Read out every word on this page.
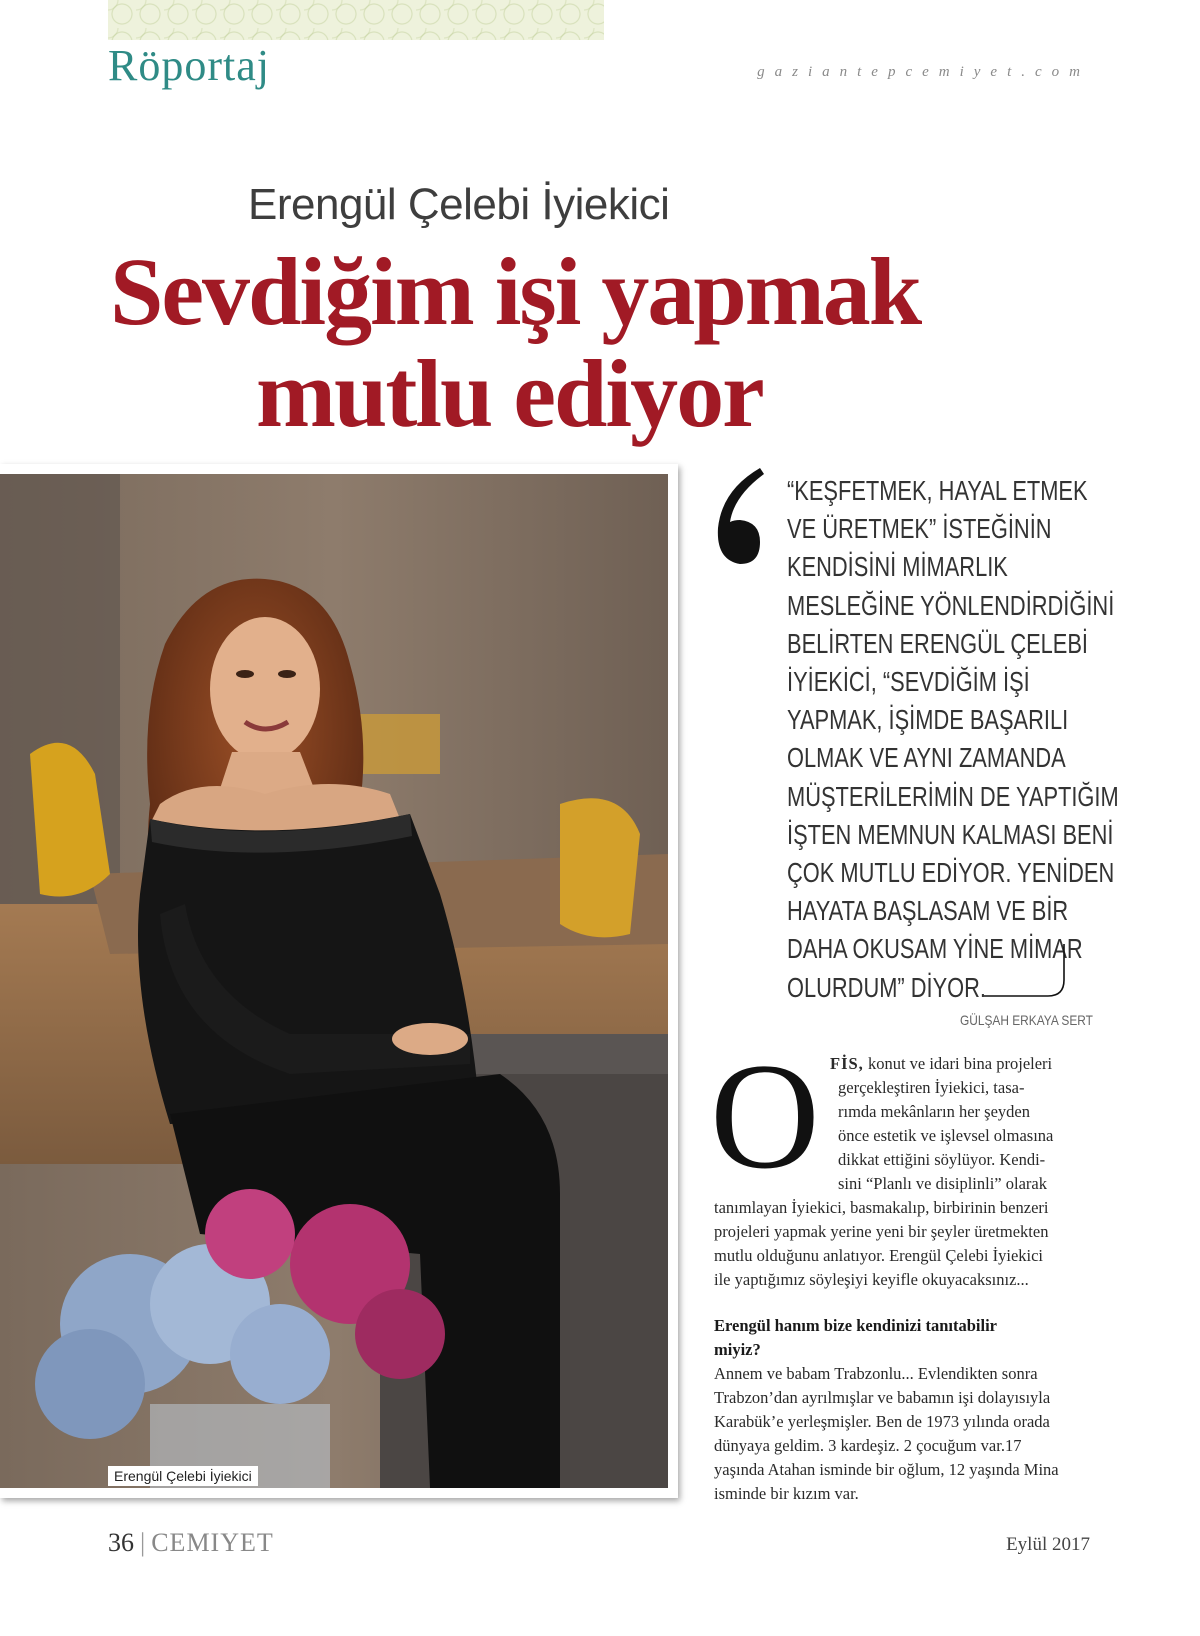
Röportaj	gaziantepcemiyet.com
Erengül Çelebi İyiekici
Sevdiğim işi yapmak
mutlu ediyor
Erengül Çelebi İyiekici
“KEŞFETMEK, HAYAL ETMEK
VE ÜRETMEK” İSTEĞİNİN
KENDİSİNİ MİMARLIK
MESLEĞİNE YÖNLENDİRDİĞİNİ
BELİRTEN ERENGÜL ÇELEBİ
İYİEKİCİ, “SEVDİĞİM İŞİ
YAPMAK, İŞİMDE BAŞARILI
OLMAK VE AYNI ZAMANDA
MÜŞTERİLERİMİN DE YAPTIĞIM
İŞTEN MEMNUN KALMASI BENİ
ÇOK MUTLU EDİYOR. YENİDEN
HAYATA BAŞLASAM VE BİR
DAHA OKUSAM YİNE MİMAR
OLURDUM” DİYOR.
GÜLŞAH ERKAYA SERT
O FİS, konut ve idari bina projeleri
gerçekleştiren İyiekici, tasa-
rımda mekânların her şeyden
önce estetik ve işlevsel olmasına
dikkat ettiğini söylüyor. Kendi-
sini “Planlı ve disiplinli” olarak
tanımlayan İyiekici, basmakalıp, birbirinin benzeri
projeleri yapmak yerine yeni bir şeyler üretmekten
mutlu olduğunu anlatıyor. Erengül Çelebi İyiekici
ile yaptığımız söyleşiyi keyifle okuyacaksınız...
Erengül hanım bize kendinizi tanıtabilir
miyiz?
Annem ve babam Trabzonlu... Evlendikten sonra
Trabzon’dan ayrılmışlar ve babamın işi dolayısıyla
Karabük’e yerleşmişler. Ben de 1973 yılında orada
dünyaya geldim. 3 kardeşiz. 2 çocuğum var.17
yaşında Atahan isminde bir oğlum, 12 yaşında Mina
isminde bir kızım var.
36 | CEMIYET	Eylül 2017
